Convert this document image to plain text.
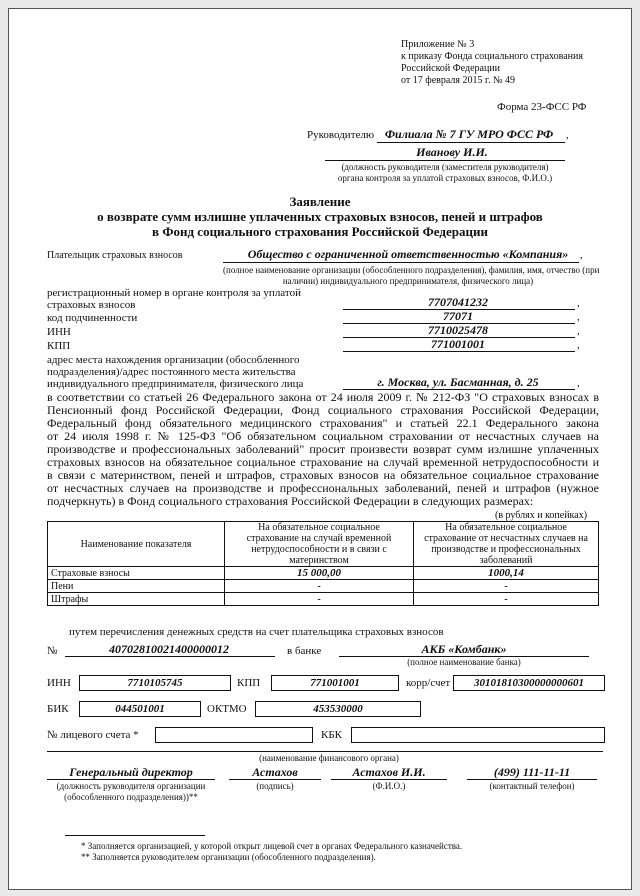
Приложение № 3
к приказу Фонда социального страхования
Российской Федерации
от 17 февраля 2015 г. № 49
Форма 23-ФСС РФ
Руководителю Филиала № 7 ГУ МРО ФСС РФ	,
Иванову И.И.
(должность руководителя (заместителя руководителя)
органа контроля за уплатой страховых взносов, Ф.И.О.)
Заявление
о возврате сумм излишне уплаченных страховых взносов, пеней и штрафов
в Фонд социального страхования Российской Федерации
Плательщик страховых взносов	Общество с ограниченной ответственностью «Компания»	,
(полное наименование организации (обособленного подразделения), фамилия, имя, отчество (при
наличии) индивидуального предпринимателя, физического лица)
регистрационный номер в органе контроля за уплатой
страховых взносов	7707041232	,
код подчиненности	77071	,
ИНН	7710025478	,
КПП	771001001	,
адрес места нахождения организации (обособленного
подразделения)/адрес постоянного места жительства
индивидуального предпринимателя, физического лица	г. Москва, ул. Басманная, д. 25	,
в соответствии со статьей 26 Федерального закона от 24 июля 2009 г. № 212-ФЗ "О страховых взносах в
Пенсионный фонд Российской Федерации, Фонд социального страхования Российской Федерации,
Федеральный фонд обязательного медицинского страхования" и статьей 22.1 Федерального закона
от 24 июля 1998 г. № 125-ФЗ "Об обязательном социальном страховании от несчастных случаев на
производстве и профессиональных заболеваний" просит произвести возврат сумм излишне уплаченных
страховых взносов на обязательное социальное страхование на случай временной нетрудоспособности и
в связи с материнством, пеней и штрафов, страховых взносов на обязательное социальное страхование
от несчастных случаев на производстве и профессиональных заболеваний, пеней и штрафов (нужное
подчеркнуть) в Фонд социального страхования Российской Федерации в следующих размерах:
(в рублях и копейках)
Наименование показателя	На обязательное социальное
страхование на случай временной
нетрудоспособности и в связи с
материнством	На обязательное социальное
страхование от несчастных случаев на
производстве и профессиональных
заболеваний
Страховые взносы	15 000,00	1000,14
Пени	-	-
Штрафы	-	-
путем перечисления денежных средств на счет плательщика страховых взносов
№	40702810021400000012	в банке	АКБ «Комбанк»
(полное наименование банка)
ИНН	7710105745	КПП	771001001	корр/счет	30101810300000000601
БИК	044501001	ОКТМО	453530000
№ лицевого счета *	КБК
(наименование финансового органа)
Генеральный директор	Астахов	Астахов И.И.	(499) 111-11-11
(должность руководителя организации
(обособленного подразделения))**
(подпись)	(Ф.И.О.)	(контактный телефон)
* Заполняется организацией, у которой открыт лицевой счет в органах Федерального казначейства.
** Заполняется руководителем организации (обособленного подразделения).
